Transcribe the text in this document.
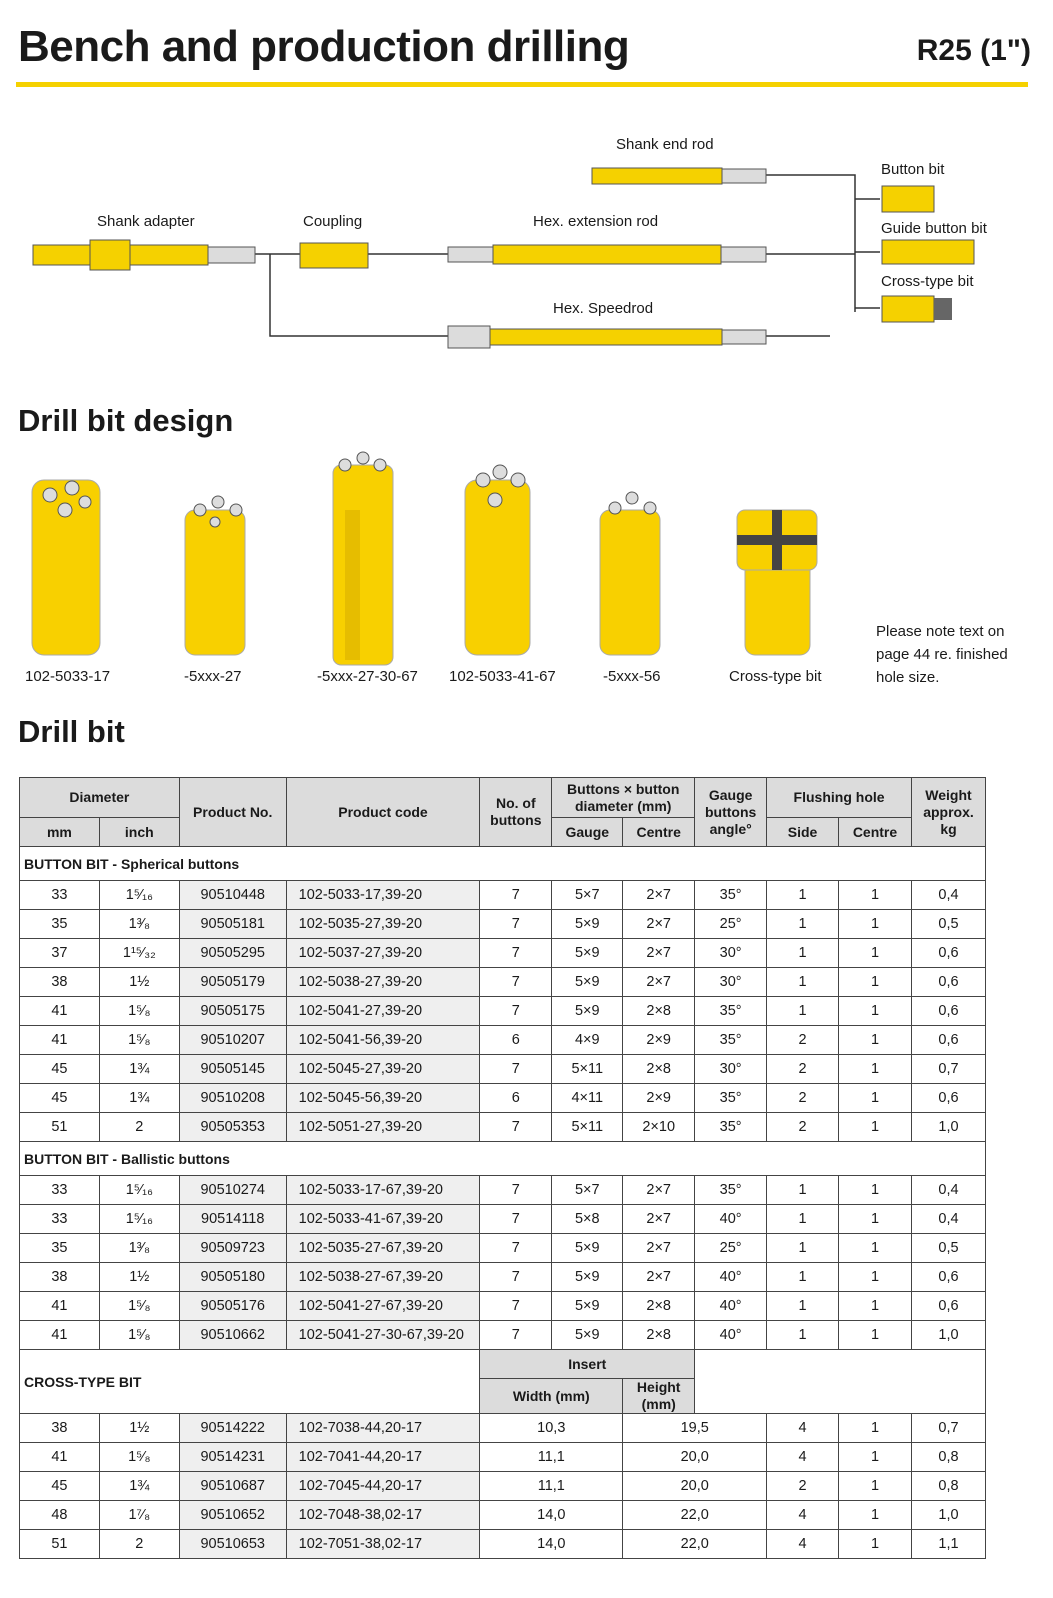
Bench and production drilling	R25 (1")
Shank adapter	Coupling	Hex. extension rod
Shank end rod
Hex. Speedrod
Button bit
Guide button bit
Cross-type bit
Drill bit design
102-5033-17	-5xxx-27	-5xxx-27-30-67 102-5033-41-67	-5xxx-56	Cross-type bit
Please note text on page 44 re. finished hole size.
Drill bit
Diameter		Product No.	Product code	No. of buttons	Buttons × button diameter (mm)		Gauge buttons angle°	Flushing hole		Weight approx. kg
mm	inch				Gauge	Centre		Side	Centre	
BUTTON BIT - Spherical buttons										
33	1⁵⁄₁₆	90510448	102-5033-17,39-20	7	5×7	2×7	35°	1	1	0,4
35	1³⁄₈	90505181	102-5035-27,39-20	7	5×9	2×7	25°	1	1	0,5
37	1¹⁵⁄₃₂	90505295	102-5037-27,39-20	7	5×9	2×7	30°	1	1	0,6
38	1½	90505179	102-5038-27,39-20	7	5×9	2×7	30°	1	1	0,6
41	1⁵⁄₈	90505175	102-5041-27,39-20	7	5×9	2×8	35°	1	1	0,6
41	1⁵⁄₈	90510207	102-5041-56,39-20	6	4×9	2×9	35°	2	1	0,6
45	1¾	90505145	102-5045-27,39-20	7	5×11	2×8	30°	2	1	0,7
45	1¾	90510208	102-5045-56,39-20	6	4×11	2×9	35°	2	1	0,6
51	2	90505353	102-5051-27,39-20	7	5×11	2×10	35°	2	1	1,0
BUTTON BIT - Ballistic buttons										
33	1⁵⁄₁₆	90510274	102-5033-17-67,39-20	7	5×7	2×7	35°	1	1	0,4
33	1⁵⁄₁₆	90514118	102-5033-41-67,39-20	7	5×8	2×7	40°	1	1	0,4
35	1³⁄₈	90509723	102-5035-27-67,39-20	7	5×9	2×7	25°	1	1	0,5
38	1½	90505180	102-5038-27-67,39-20	7	5×9	2×7	40°	1	1	0,6
41	1⁵⁄₈	90505176	102-5041-27-67,39-20	7	5×9	2×8	40°	1	1	0,6
41	1⁵⁄₈	90510662	102-5041-27-30-67,39-20	7	5×9	2×8	40°	1	1	1,0
CROSS-TYPE BIT				Insert						
				Width (mm)		Height (mm)				
38	1½	90514222	102-7038-44,20-17	10,3		19,5		4	1	0,7
41	1⁵⁄₈	90514231	102-7041-44,20-17	11,1		20,0		4	1	0,8
45	1¾	90510687	102-7045-44,20-17	11,1		20,0		2	1	0,8
48	1⁷⁄₈	90510652	102-7048-38,02-17	14,0		22,0		4	1	1,0
51	2	90510653	102-7051-38,02-17	14,0		22,0		4	1	1,1
